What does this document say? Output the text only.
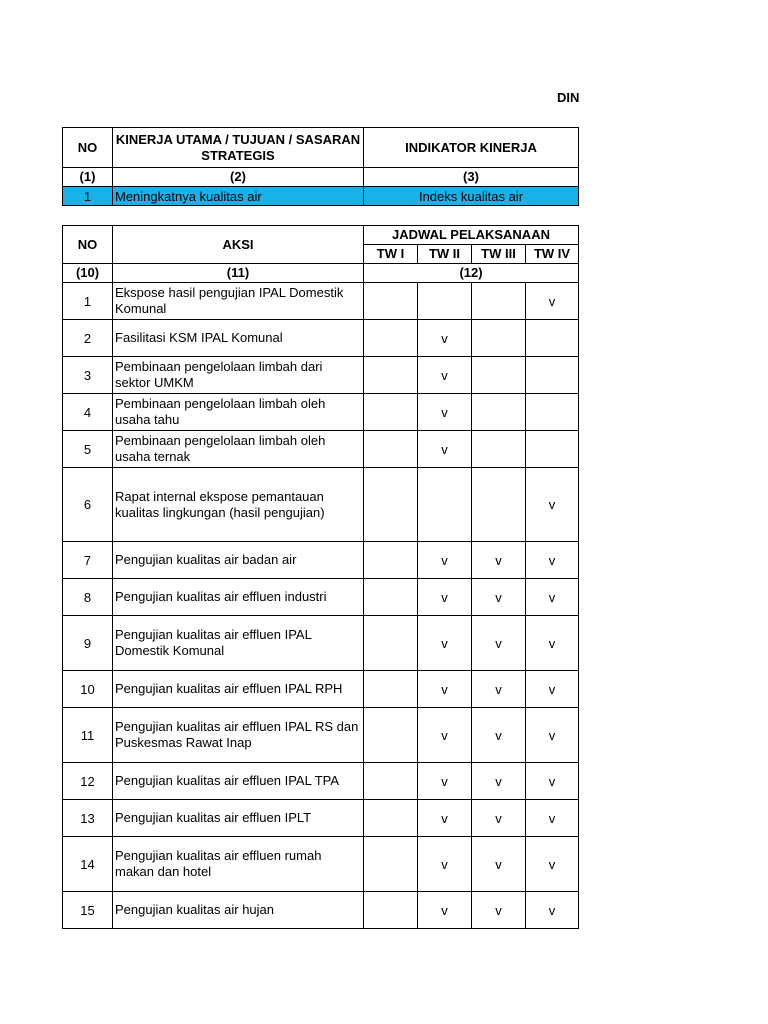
DIN
NO	KINERJA UTAMA / TUJUAN / SASARAN STRATEGIS	INDIKATOR KINERJA
(1)	(2)	(3)
1	Meningkatnya kualitas air	Indeks kualitas air
NO	AKSI	JADWAL PELAKSANAAN			
		TW I	TW II	TW III	TW IV
(10)	(11)	(12)			
1	Ekspose hasil pengujian IPAL Domestik Komunal				v
2	Fasilitasi KSM IPAL Komunal		v		
3	Pembinaan pengelolaan limbah dari sektor UMKM		v		
4	Pembinaan pengelolaan limbah oleh usaha tahu		v		
5	Pembinaan pengelolaan limbah oleh usaha ternak		v		
6	Rapat internal ekspose pemantauan kualitas lingkungan (hasil pengujian)				v
7	Pengujian kualitas air badan air		v	v	v
8	Pengujian kualitas air effluen industri		v	v	v
9	Pengujian kualitas air effluen IPAL Domestik Komunal		v	v	v
10	Pengujian kualitas air effluen IPAL RPH		v	v	v
11	Pengujian kualitas air effluen IPAL RS dan Puskesmas Rawat Inap		v	v	v
12	Pengujian kualitas air effluen IPAL TPA		v	v	v
13	Pengujian kualitas air effluen IPLT		v	v	v
14	Pengujian kualitas air effluen rumah makan dan hotel		v	v	v
15	Pengujian kualitas air hujan		v	v	v
